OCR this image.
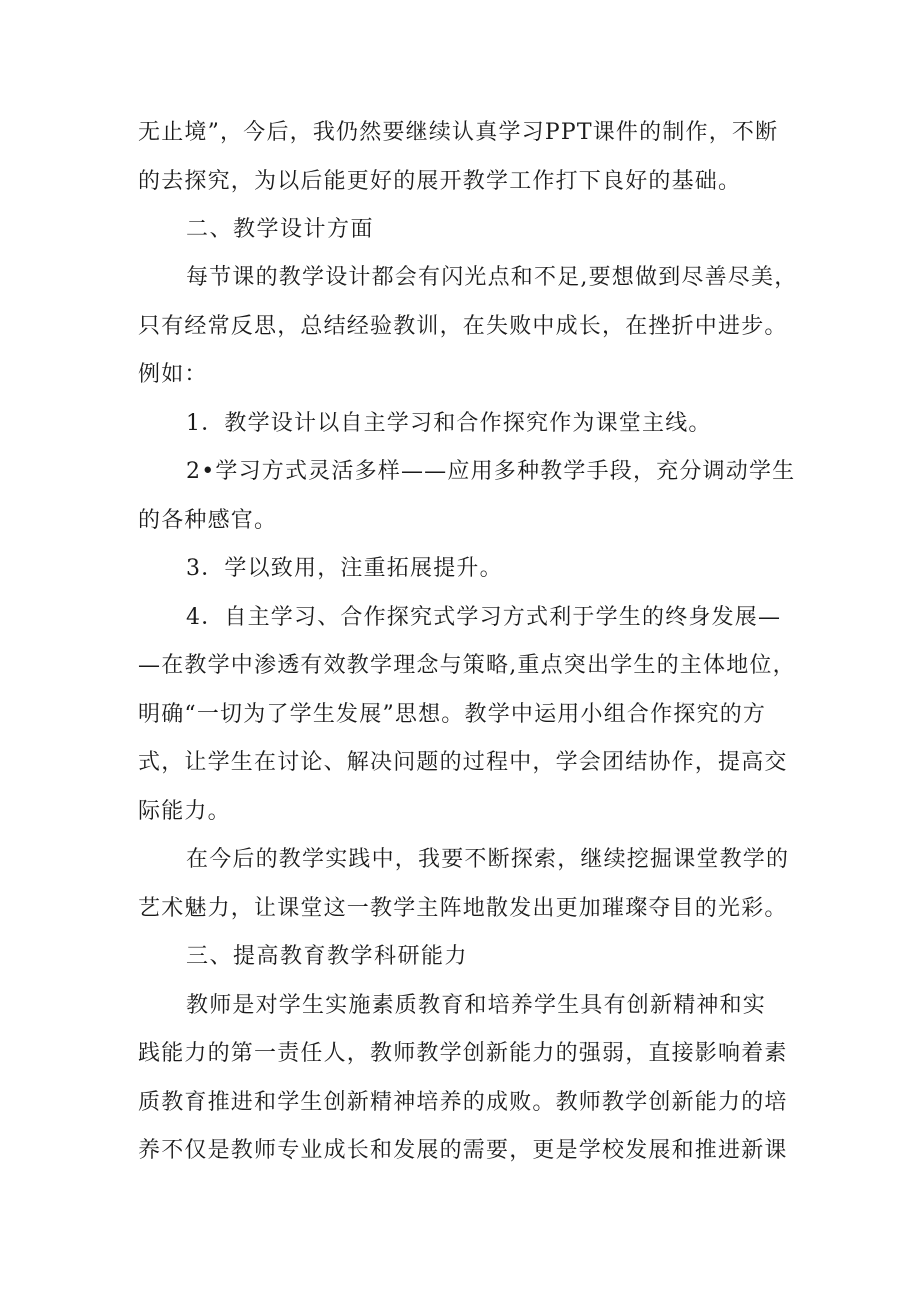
无止境”，今后，我仍然要继续认真学习PPT课件的制作，不断
的去探究，为以后能更好的展开教学工作打下良好的基础。
二、教学设计方面
每节课的教学设计都会有闪光点和不足,要想做到尽善尽美，
只有经常反思，总结经验教训，在失败中成长，在挫折中进步。
例如：
1．教学设计以自主学习和合作探究作为课堂主线。
2•学习方式灵活多样——应用多种教学手段，充分调动学生
的各种感官。
3．学以致用，注重拓展提升。
4．自主学习、合作探究式学习方式利于学生的终身发展—
—在教学中渗透有效教学理念与策略,重点突出学生的主体地位，
明确“一切为了学生发展”思想。教学中运用小组合作探究的方
式，让学生在讨论、解决问题的过程中，学会团结协作，提高交
际能力。
在今后的教学实践中，我要不断探索，继续挖掘课堂教学的
艺术魅力，让课堂这一教学主阵地散发出更加璀璨夺目的光彩。
三、提高教育教学科研能力
教师是对学生实施素质教育和培养学生具有创新精神和实
践能力的第一责任人，教师教学创新能力的强弱，直接影响着素
质教育推进和学生创新精神培养的成败。教师教学创新能力的培
养不仅是教师专业成长和发展的需要，更是学校发展和推进新课
